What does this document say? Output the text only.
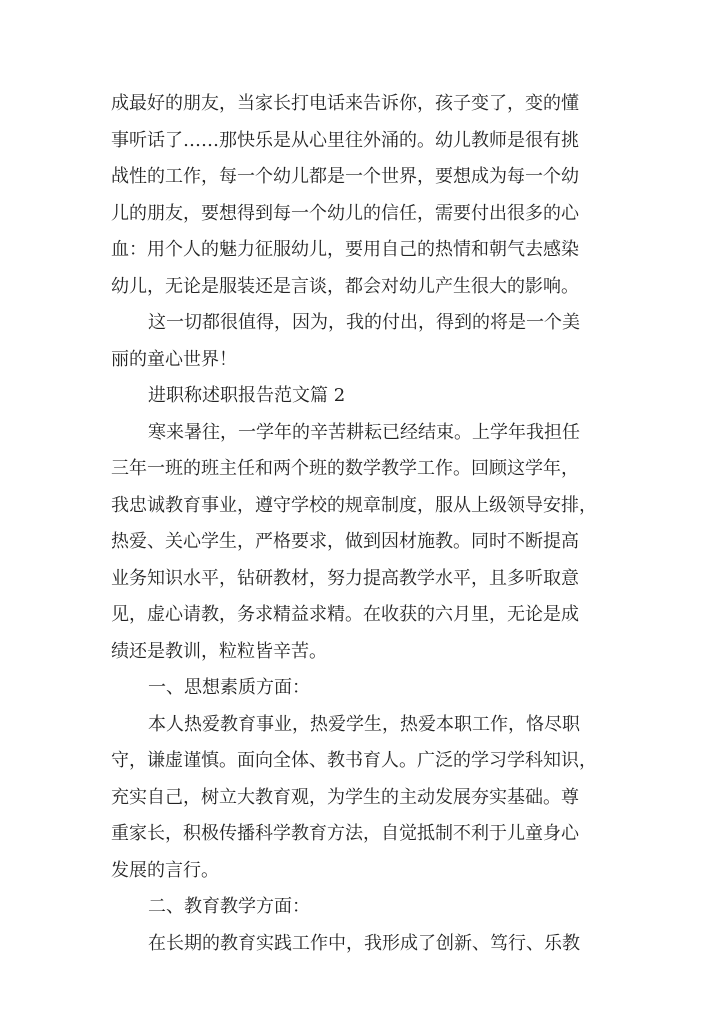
成最好的朋友，当家长打电话来告诉你，孩子变了，变的懂
事听话了……那快乐是从心里往外涌的。幼儿教师是很有挑
战性的工作，每一个幼儿都是一个世界，要想成为每一个幼
儿的朋友，要想得到每一个幼儿的信任，需要付出很多的心
血：用个人的魅力征服幼儿，要用自己的热情和朝气去感染
幼儿，无论是服装还是言谈，都会对幼儿产生很大的影响。
这一切都很值得，因为，我的付出，得到的将是一个美
丽的童心世界！
进职称述职报告范文篇 2
寒来暑往，一学年的辛苦耕耘已经结束。上学年我担任
三年一班的班主任和两个班的数学教学工作。回顾这学年，
我忠诚教育事业，遵守学校的规章制度，服从上级领导安排，
热爱、关心学生，严格要求，做到因材施教。同时不断提高
业务知识水平，钻研教材，努力提高教学水平，且多听取意
见，虚心请教，务求精益求精。在收获的六月里，无论是成
绩还是教训，粒粒皆辛苦。
一、思想素质方面：
本人热爱教育事业，热爱学生，热爱本职工作，恪尽职
守，谦虚谨慎。面向全体、教书育人。广泛的学习学科知识，
充实自己，树立大教育观，为学生的主动发展夯实基础。尊
重家长，积极传播科学教育方法，自觉抵制不利于儿童身心
发展的言行。
二、教育教学方面：
在长期的教育实践工作中，我形成了创新、笃行、乐教
